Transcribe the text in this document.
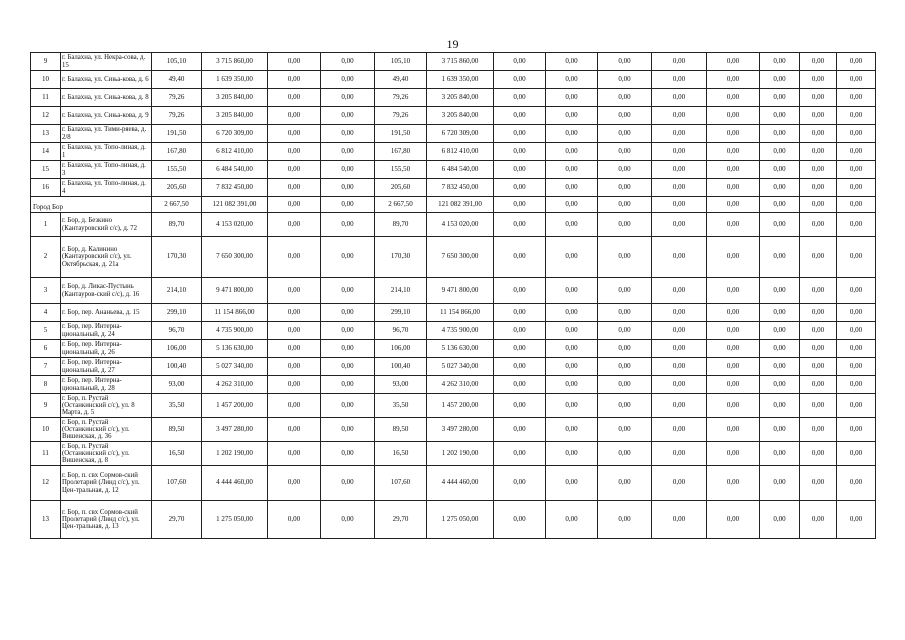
19
9	г. Балахна, ул. Некра-сова, д. 15	105,10	3 715 860,00	0,00	0,00	105,10	3 715 860,00	0,00	0,00	0,00	0,00	0,00	0,00	0,00	0,00
10	г. Балахна, ул. Сиња-кова, д. 6	49,40	1 639 350,00	0,00	0,00	49,40	1 639 350,00	0,00	0,00	0,00	0,00	0,00	0,00	0,00	0,00
11	г. Балахна, ул. Сиња-кова, д. 8	79,26	3 205 840,00	0,00	0,00	79,26	3 205 840,00	0,00	0,00	0,00	0,00	0,00	0,00	0,00	0,00
12	г. Балахна, ул. Сиња-кова, д. 9	79,26	3 205 840,00	0,00	0,00	79,26	3 205 840,00	0,00	0,00	0,00	0,00	0,00	0,00	0,00	0,00
13	г. Балахна, ул. Тими-ряева, д. 2/8	191,50	6 720 309,00	0,00	0,00	191,50	6 720 309,00	0,00	0,00	0,00	0,00	0,00	0,00	0,00	0,00
14	г. Балахна, ул. Топо-линая, д. 1	167,80	6 812 410,00	0,00	0,00	167,80	6 812 410,00	0,00	0,00	0,00	0,00	0,00	0,00	0,00	0,00
15	г. Балахна, ул. Топо-линая, д. 3	155,50	6 484 540,00	0,00	0,00	155,50	6 484 540,00	0,00	0,00	0,00	0,00	0,00	0,00	0,00	0,00
16	г. Балахна, ул. Топо-линая, д. 4	205,60	7 832 450,00	0,00	0,00	205,60	7 832 450,00	0,00	0,00	0,00	0,00	0,00	0,00	0,00	0,00
Город Бор		2 667,50	121 082 391,00	0,00	0,00	2 667,50	121 082 391,00	0,00	0,00	0,00	0,00	0,00	0,00	0,00	0,00
1	г. Бор, д. Безкино (Кантауровский с/с), д. 72	89,70	4 153 020,00	0,00	0,00	89,70	4 153 020,00	0,00	0,00	0,00	0,00	0,00	0,00	0,00	0,00
2	г. Бор, д. Калинино (Кантауровский с/с), ул. Октябрьская, д. 21а	170,30	7 650 300,00	0,00	0,00	170,30	7 650 300,00	0,00	0,00	0,00	0,00	0,00	0,00	0,00	0,00
3	г. Бор, д. Ликас-Пустынь (Кантауров-ский с/с), д. 16	214,10	9 471 800,00	0,00	0,00	214,10	9 471 800,00	0,00	0,00	0,00	0,00	0,00	0,00	0,00	0,00
4	г. Бор, пер. Ананьева, д. 15	299,10	11 154 866,00	0,00	0,00	299,10	11 154 866,00	0,00	0,00	0,00	0,00	0,00	0,00	0,00	0,00
5	г. Бор, пер. Интерна-циональный, д. 24	96,70	4 735 900,00	0,00	0,00	96,70	4 735 900,00	0,00	0,00	0,00	0,00	0,00	0,00	0,00	0,00
6	г. Бор, пер. Интерна-циональный, д. 26	106,00	5 136 630,00	0,00	0,00	106,00	5 136 630,00	0,00	0,00	0,00	0,00	0,00	0,00	0,00	0,00
7	г. Бор, пер. Интерна-циональный, д. 27	100,40	5 027 340,00	0,00	0,00	100,40	5 027 340,00	0,00	0,00	0,00	0,00	0,00	0,00	0,00	0,00
8	г. Бор, пер. Интерна-циональный, д. 28	93,00	4 262 310,00	0,00	0,00	93,00	4 262 310,00	0,00	0,00	0,00	0,00	0,00	0,00	0,00	0,00
9	г. Бор, п. Рустай (Останкинский с/с), ул. 8 Марта, д. 5	35,50	1 457 200,00	0,00	0,00	35,50	1 457 200,00	0,00	0,00	0,00	0,00	0,00	0,00	0,00	0,00
10	г. Бор, п. Рустай (Останкинский с/с), ул. Вишенская, д. 36	89,50	3 497 280,00	0,00	0,00	89,50	3 497 280,00	0,00	0,00	0,00	0,00	0,00	0,00	0,00	0,00
11	г. Бор, п. Рустай (Останкинский с/с), ул. Вишенская, д. 8	16,50	1 202 190,00	0,00	0,00	16,50	1 202 190,00	0,00	0,00	0,00	0,00	0,00	0,00	0,00	0,00
12	г. Бор, п. свх Сормов-ский Пролетарий (Линд с/с), ул. Цен-тральная, д. 12	107,60	4 444 460,00	0,00	0,00	107,60	4 444 460,00	0,00	0,00	0,00	0,00	0,00	0,00	0,00	0,00
13	г. Бор, п. свх Сормов-ский Пролетарий (Линд с/с), ул. Цен-тральная, д. 13	29,70	1 275 050,00	0,00	0,00	29,70	1 275 050,00	0,00	0,00	0,00	0,00	0,00	0,00	0,00	0,00
